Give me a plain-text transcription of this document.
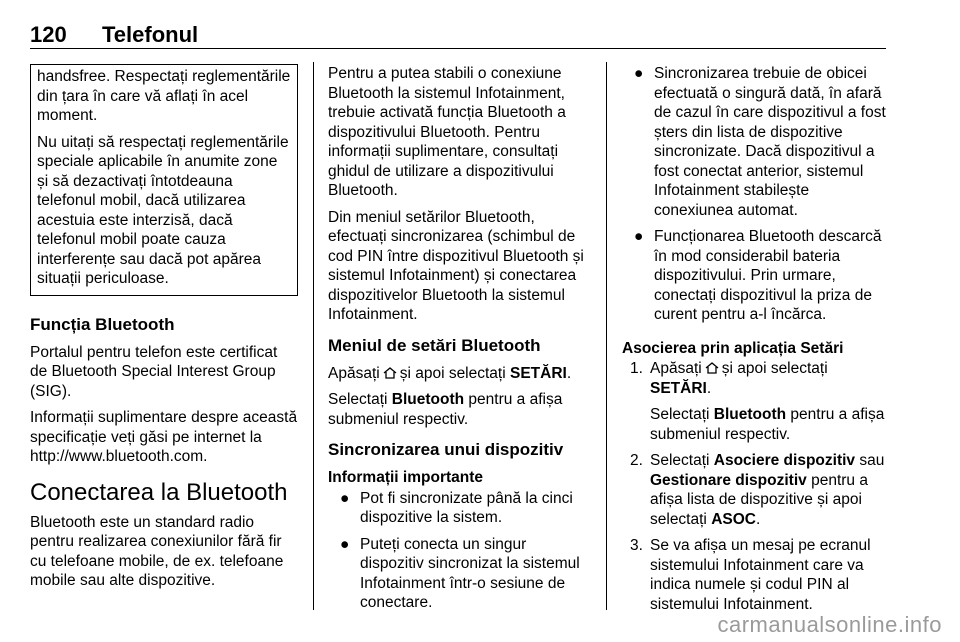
120 Telefonul

handsfree. Respectați reglementările din țara în care vă aflați în acel moment.

Nu uitați să respectați reglementările speciale aplicabile în anumite zone și să dezactivați întotdeauna telefonul mobil, dacă utilizarea acestuia este interzisă, dacă telefonul mobil poate cauza interferențe sau dacă pot apărea situații periculoase.

Funcția Bluetooth

Portalul pentru telefon este certificat de Bluetooth Special Interest Group (SIG).

Informații suplimentare despre această specificație veți găsi pe internet la http://www.bluetooth.com.

Conectarea la Bluetooth

Bluetooth este un standard radio pentru realizarea conexiunilor fără fir cu telefoane mobile, de ex. telefoane mobile sau alte dispozitive.

Pentru a putea stabili o conexiune Bluetooth la sistemul Infotainment, trebuie activată funcția Bluetooth a dispozitivului Bluetooth. Pentru informații suplimentare, consultați ghidul de utilizare a dispozitivului Bluetooth.

Din meniul setărilor Bluetooth, efectuați sincronizarea (schimbul de cod PIN între dispozitivul Bluetooth și sistemul Infotainment) și conectarea dispozitivelor Bluetooth la sistemul Infotainment.

Meniul de setări Bluetooth

Apăsați și apoi selectați SETĂRI.

Selectați Bluetooth pentru a afișa submeniul respectiv.

Sincronizarea unui dispozitiv
Informații importante
● Pot fi sincronizate până la cinci dispozitive la sistem.
● Puteți conecta un singur dispozitiv sincronizat la sistemul Infotainment într-o sesiune de conectare.
● Sincronizarea trebuie de obicei efectuată o singură dată, în afară de cazul în care dispozitivul a fost șters din lista de dispozitive sincronizate. Dacă dispozitivul a fost conectat anterior, sistemul Infotainment stabilește conexiunea automat.
● Funcționarea Bluetooth descarcă în mod considerabil bateria dispozitivului. Prin urmare, conectați dispozitivul la priza de curent pentru a-l încărca.
Asocierea prin aplicația Setări
1. Apăsați și apoi selectați SETĂRI.

Selectați Bluetooth pentru a afișa submeniul respectiv.

2. Selectați Asociere dispozitiv sau Gestionare dispozitiv pentru a afișa lista de dispozitive și apoi selectați ASOC.
3. Se va afișa un mesaj pe ecranul sistemului Infotainment care va indica numele și codul PIN al sistemului Infotainment.
carmanualsonline.info
